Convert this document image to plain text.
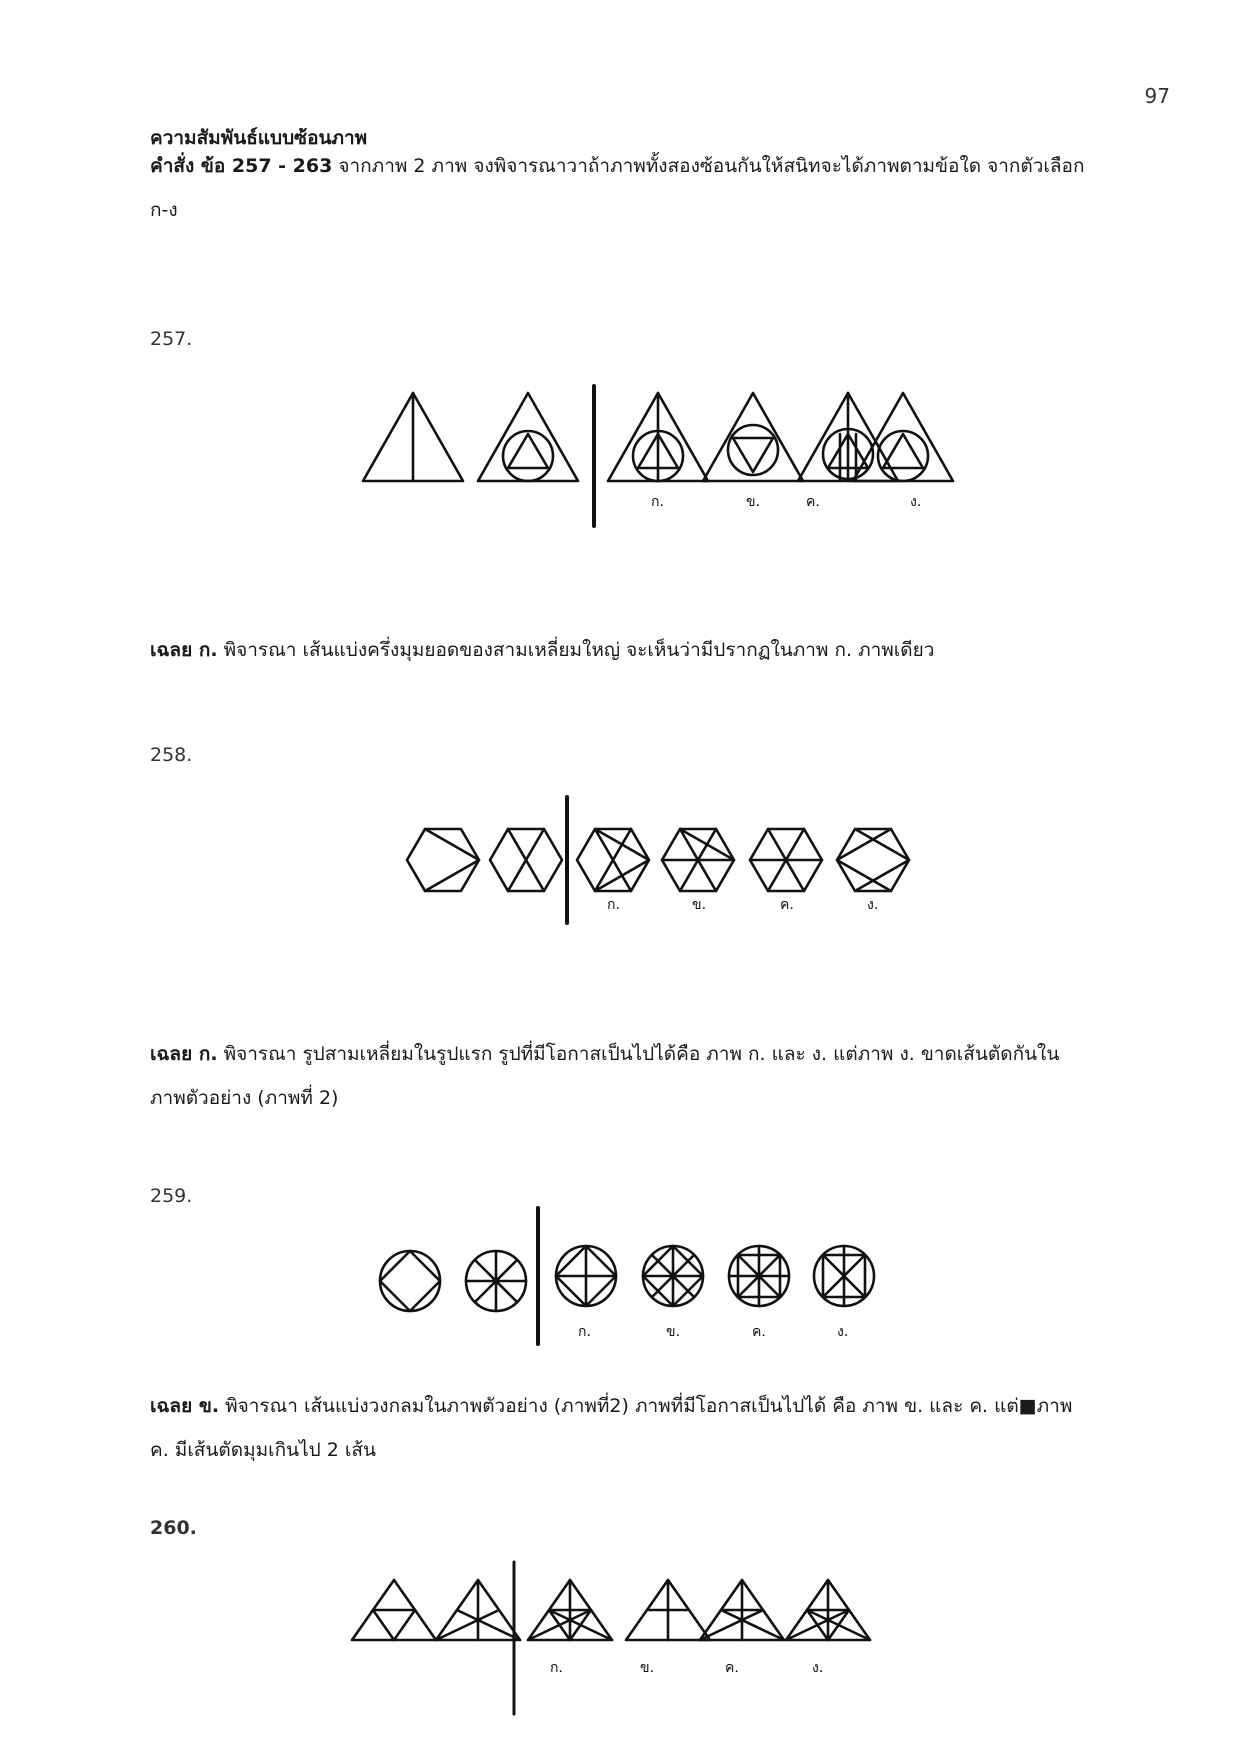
97
ความสัมพันธ์แบบซ้อนภาพ
คำสั่ง ข้อ 257 - 263 จากภาพ 2 ภาพ จงพิจารณาวาถ้าภาพทั้งสองซ้อนกันให้สนิทจะได้ภาพตามข้อใด จากตัวเลือก
ก-ง
257.
ก.	ข.	ค.	ง.
เฉลย ก. พิจารณา เส้นแบ่งครึ่งมุมยอดของสามเหลี่ยมใหญ่ จะเห็นว่ามีปรากฏในภาพ ก. ภาพเดียว
258.
ก.	ข.	ค.	ง.
เฉลย ก. พิจารณา รูปสามเหลี่ยมในรูปแรก รูปที่มีโอกาสเป็นไปได้คือ ภาพ ก. และ ง. แต่ภาพ ง. ขาดเส้นตัดกันใน
ภาพตัวอย่าง (ภาพที่ 2)
259.
ก.	ข.	ค.	ง.
เฉลย ข. พิจารณา เส้นแบ่งวงกลมในภาพตัวอย่าง (ภาพที่2) ภาพที่มีโอกาสเป็นไปได้ คือ ภาพ ข. และ ค. แต่■ภาพ
ค. มีเส้นตัดมุมเกินไป 2 เส้น
260.
ก.	ข.	ค.	ง.
